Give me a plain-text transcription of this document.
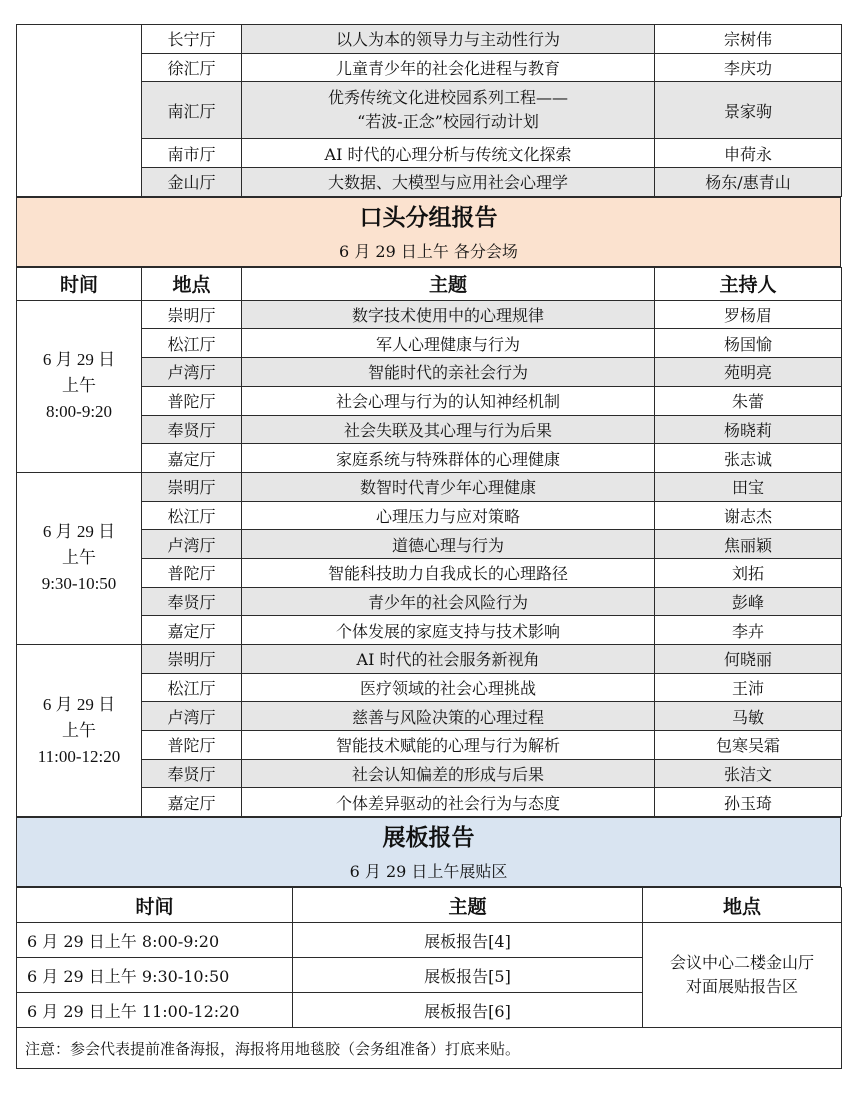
	长宁厅	以人为本的领导力与主动性行为	宗树伟
	徐汇厅	儿童青少年的社会化进程与教育	李庆功
	南汇厅	优秀传统文化进校园系列工程——
“若波-正念”校园行动计划	景家驹
	南市厅	AI 时代的心理分析与传统文化探索	申荷永
	金山厅	大数据、大模型与应用社会心理学	杨东/惠青山
口头分组报告
6 月 29 日上午 各分会场
时间	地点	主题	主持人

6 月 29 日
上午
8:00-9:20	崇明厅	数字技术使用中的心理规律	罗杨眉
	松江厅	军人心理健康与行为	杨国愉
	卢湾厅	智能时代的亲社会行为	苑明亮
	普陀厅	社会心理与行为的认知神经机制	朱蕾
	奉贤厅	社会失联及其心理与行为后果	杨晓莉
	嘉定厅	家庭系统与特殊群体的心理健康	张志诚

6 月 29 日
上午
9:30-10:50	崇明厅	数智时代青少年心理健康	田宝
	松江厅	心理压力与应对策略	谢志杰
	卢湾厅	道德心理与行为	焦丽颖
	普陀厅	智能科技助力自我成长的心理路径	刘拓
	奉贤厅	青少年的社会风险行为	彭峰
	嘉定厅	个体发展的家庭支持与技术影响	李卉

6 月 29 日
上午
11:00-12:20	崇明厅	AI 时代的社会服务新视角	何晓丽
	松江厅	医疗领域的社会心理挑战	王沛
	卢湾厅	慈善与风险决策的心理过程	马敏
	普陀厅	智能技术赋能的心理与行为解析	包寒吴霜
	奉贤厅	社会认知偏差的形成与后果	张洁文
	嘉定厅	个体差异驱动的社会行为与态度	孙玉琦
展板报告
6 月 29 日上午展贴区
时间	主题	地点
6 月 29 日上午 8:00-9:20	展板报告[4]	会议中心二楼金山厅
对面展贴报告区

6 月 29 日上午 9:30-10:50	展板报告[5]	
6 月 29 日上午 11:00-12:20	展板报告[6]	
注意：参会代表提前准备海报，海报将用地毯胶（会务组准备）打底来贴。		
